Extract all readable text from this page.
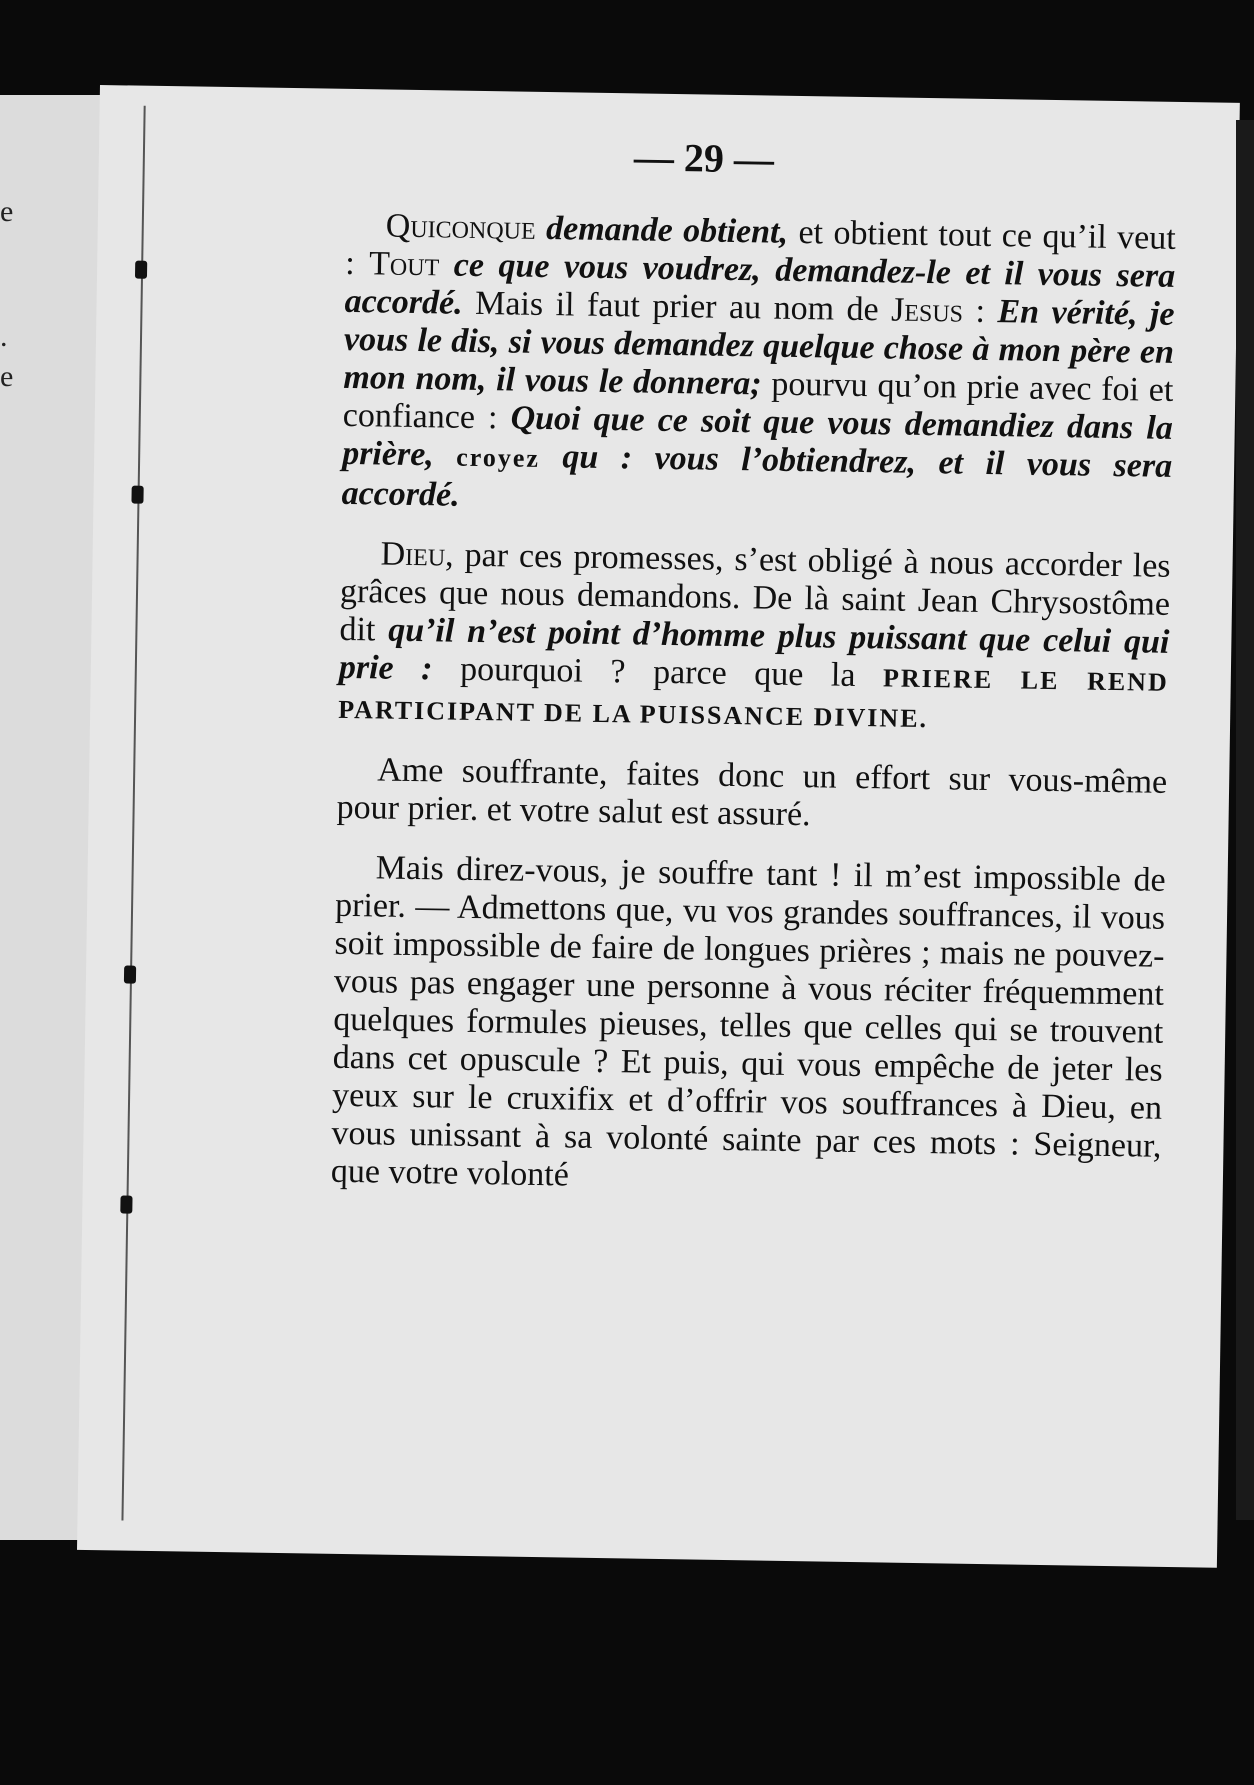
e
.
e
— 29 —

Quiconque demande obtient, et obtient tout ce qu’il veut : Tout ce que vous voudrez, demandez-le et il vous sera accordé. Mais il faut prier au nom de Jesus : En vérité, je vous le dis, si vous demandez quelque chose à mon père en mon nom, il vous le donnera; pourvu qu’on prie avec foi et confiance : Quoi que ce soit que vous demandiez dans la prière, croyez qu : vous l’obtiendrez, et il vous sera accordé.

Dieu, par ces promesses, s’est obligé à nous accorder les grâces que nous demandons. De là saint Jean Chrysostôme dit qu’il n’est point d’homme plus puissant que celui qui prie : pourquoi ? parce que la PRIERE LE REND PARTICIPANT DE LA PUISSANCE DIVINE.

Ame souffrante, faites donc un effort sur vous-même pour prier. et votre salut est assuré.

Mais direz-vous, je souffre tant ! il m’est impossible de prier. — Admettons que, vu vos grandes souffrances, il vous soit impossible de faire de longues prières ; mais ne pouvez-vous pas engager une personne à vous réciter fréquemment quelques formules pieuses, telles que celles qui se trouvent dans cet opuscule ? Et puis, qui vous empêche de jeter les yeux sur le cruxifix et d’offrir vos souffrances à Dieu, en vous unissant à sa volonté sainte par ces mots : Seigneur, que votre volonté
